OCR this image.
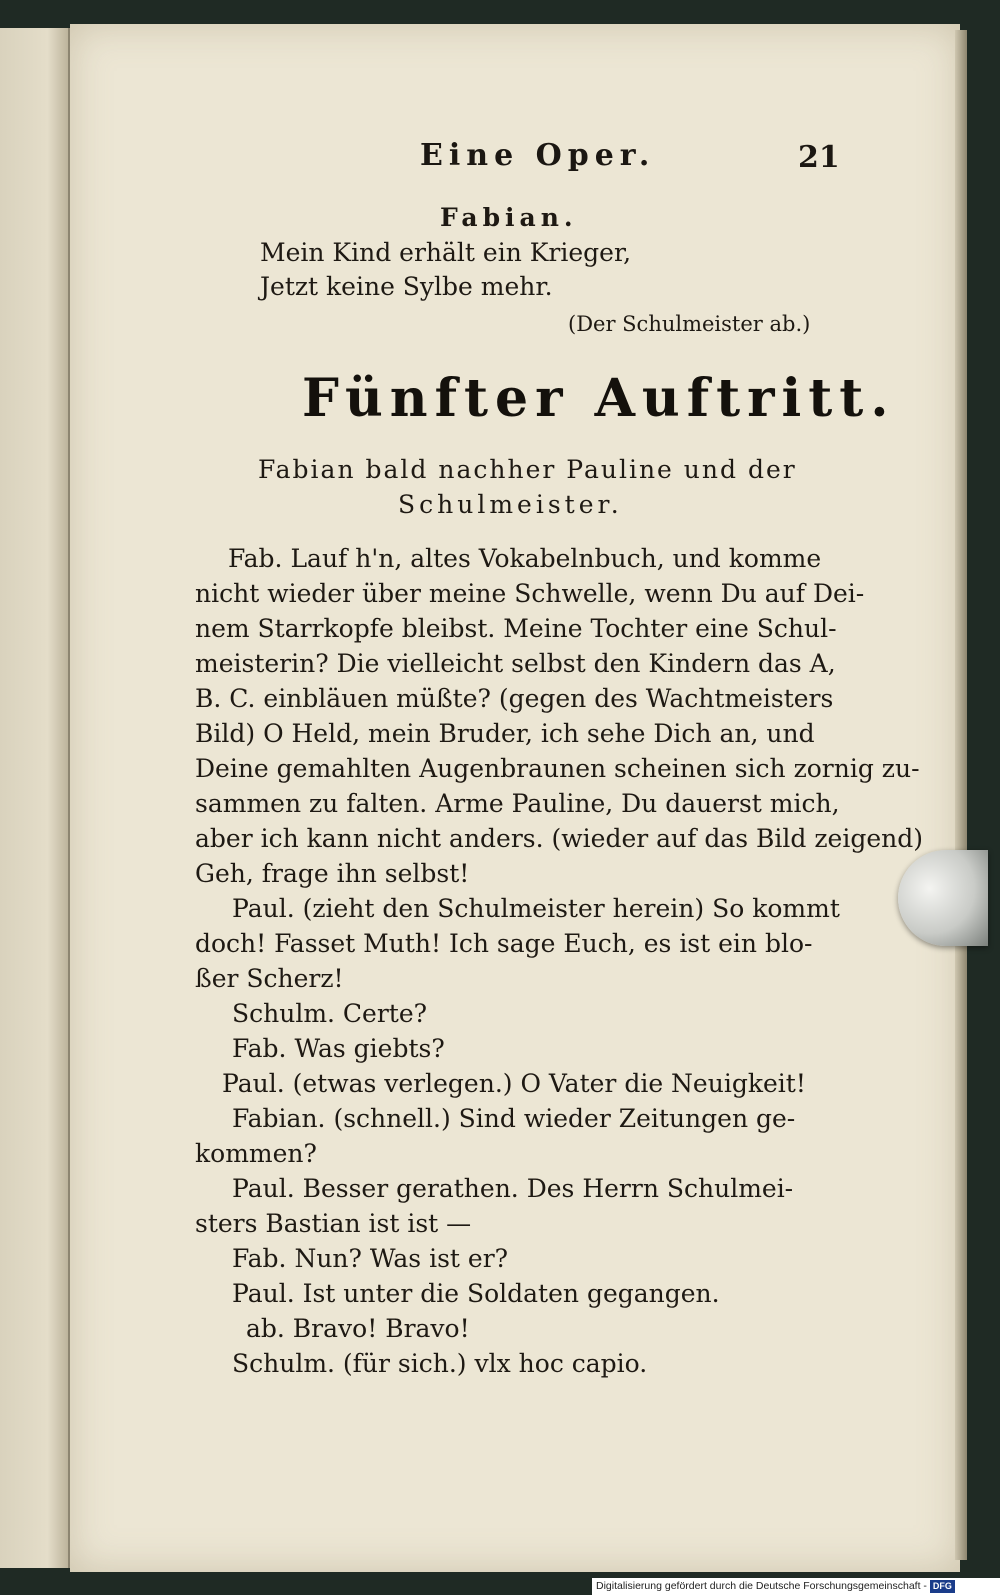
Eine Oper.	21
Fabian.
Mein Kind erhält ein Krieger,
Jetzt keine Sylbe mehr.
(Der Schulmeister ab.)
Fünfter Auftritt.
Fabian bald nachher Pauline und der
Schulmeister.
Fab. Lauf h'n, altes Vokabelnbuch, und komme
nicht wieder über meine Schwelle, wenn Du auf Dei-
nem Starrkopfe bleibst. Meine Tochter eine Schul-
meisterin? Die vielleicht selbst den Kindern das A,
B. C. einbläuen müßte? (gegen des Wachtmeisters
Bild) O Held, mein Bruder, ich sehe Dich an, und
Deine gemahlten Augenbraunen scheinen sich zornig zu-
sammen zu falten. Arme Pauline, Du dauerst mich,
aber ich kann nicht anders. (wieder auf das Bild zeigend)
Geh, frage ihn selbst!
Paul. (zieht den Schulmeister herein) So kommt
doch! Fasset Muth! Ich sage Euch, es ist ein blo-
ßer Scherz!
Schulm. Certe?
Fab. Was giebts?
Paul. (etwas verlegen.) O Vater die Neuigkeit!
Fabian. (schnell.) Sind wieder Zeitungen ge-
kommen?
Paul. Besser gerathen. Des Herrn Schulmei-
sters Bastian ist ist —
Fab. Nun? Was ist er?
Paul. Ist unter die Soldaten gegangen.
ab. Bravo! Bravo!
Schulm. (für sich.) vlx hoc capio.
Digitalisierung gefördert durch die Deutsche Forschungsgemeinschaft - DFG
